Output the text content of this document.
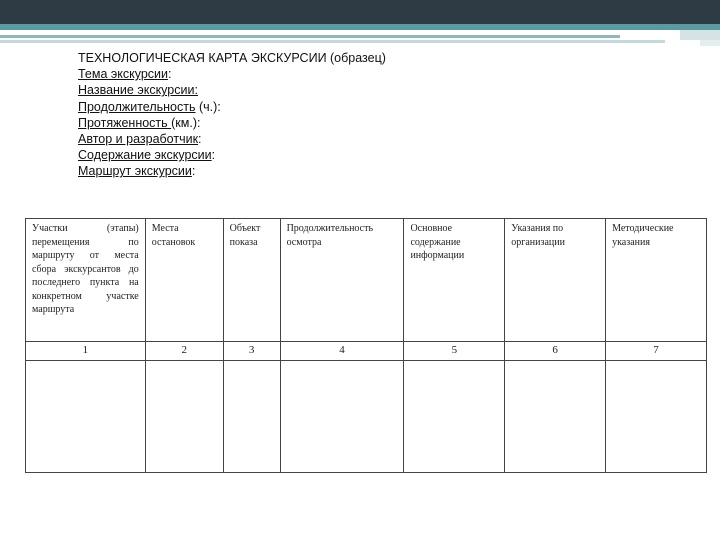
ТЕХНОЛОГИЧЕСКАЯ КАРТА ЭКСКУРСИИ (образец)
Тема экскурсии:
Название экскурсии:
Продолжительность (ч.):
Протяженность (км.):
Автор и разработчик:
Содержание экскурсии:
Маршрут экскурсии:
Участки (этапы) перемещения по маршруту от места сбора экскурсантов до последнего пункта на конкретном участке маршрута	Места остановок	Объект показа	Продолжительность осмотра	Основное содержание информации	Указания по организации	Методические указания
1	2	3	4	5	6	7
